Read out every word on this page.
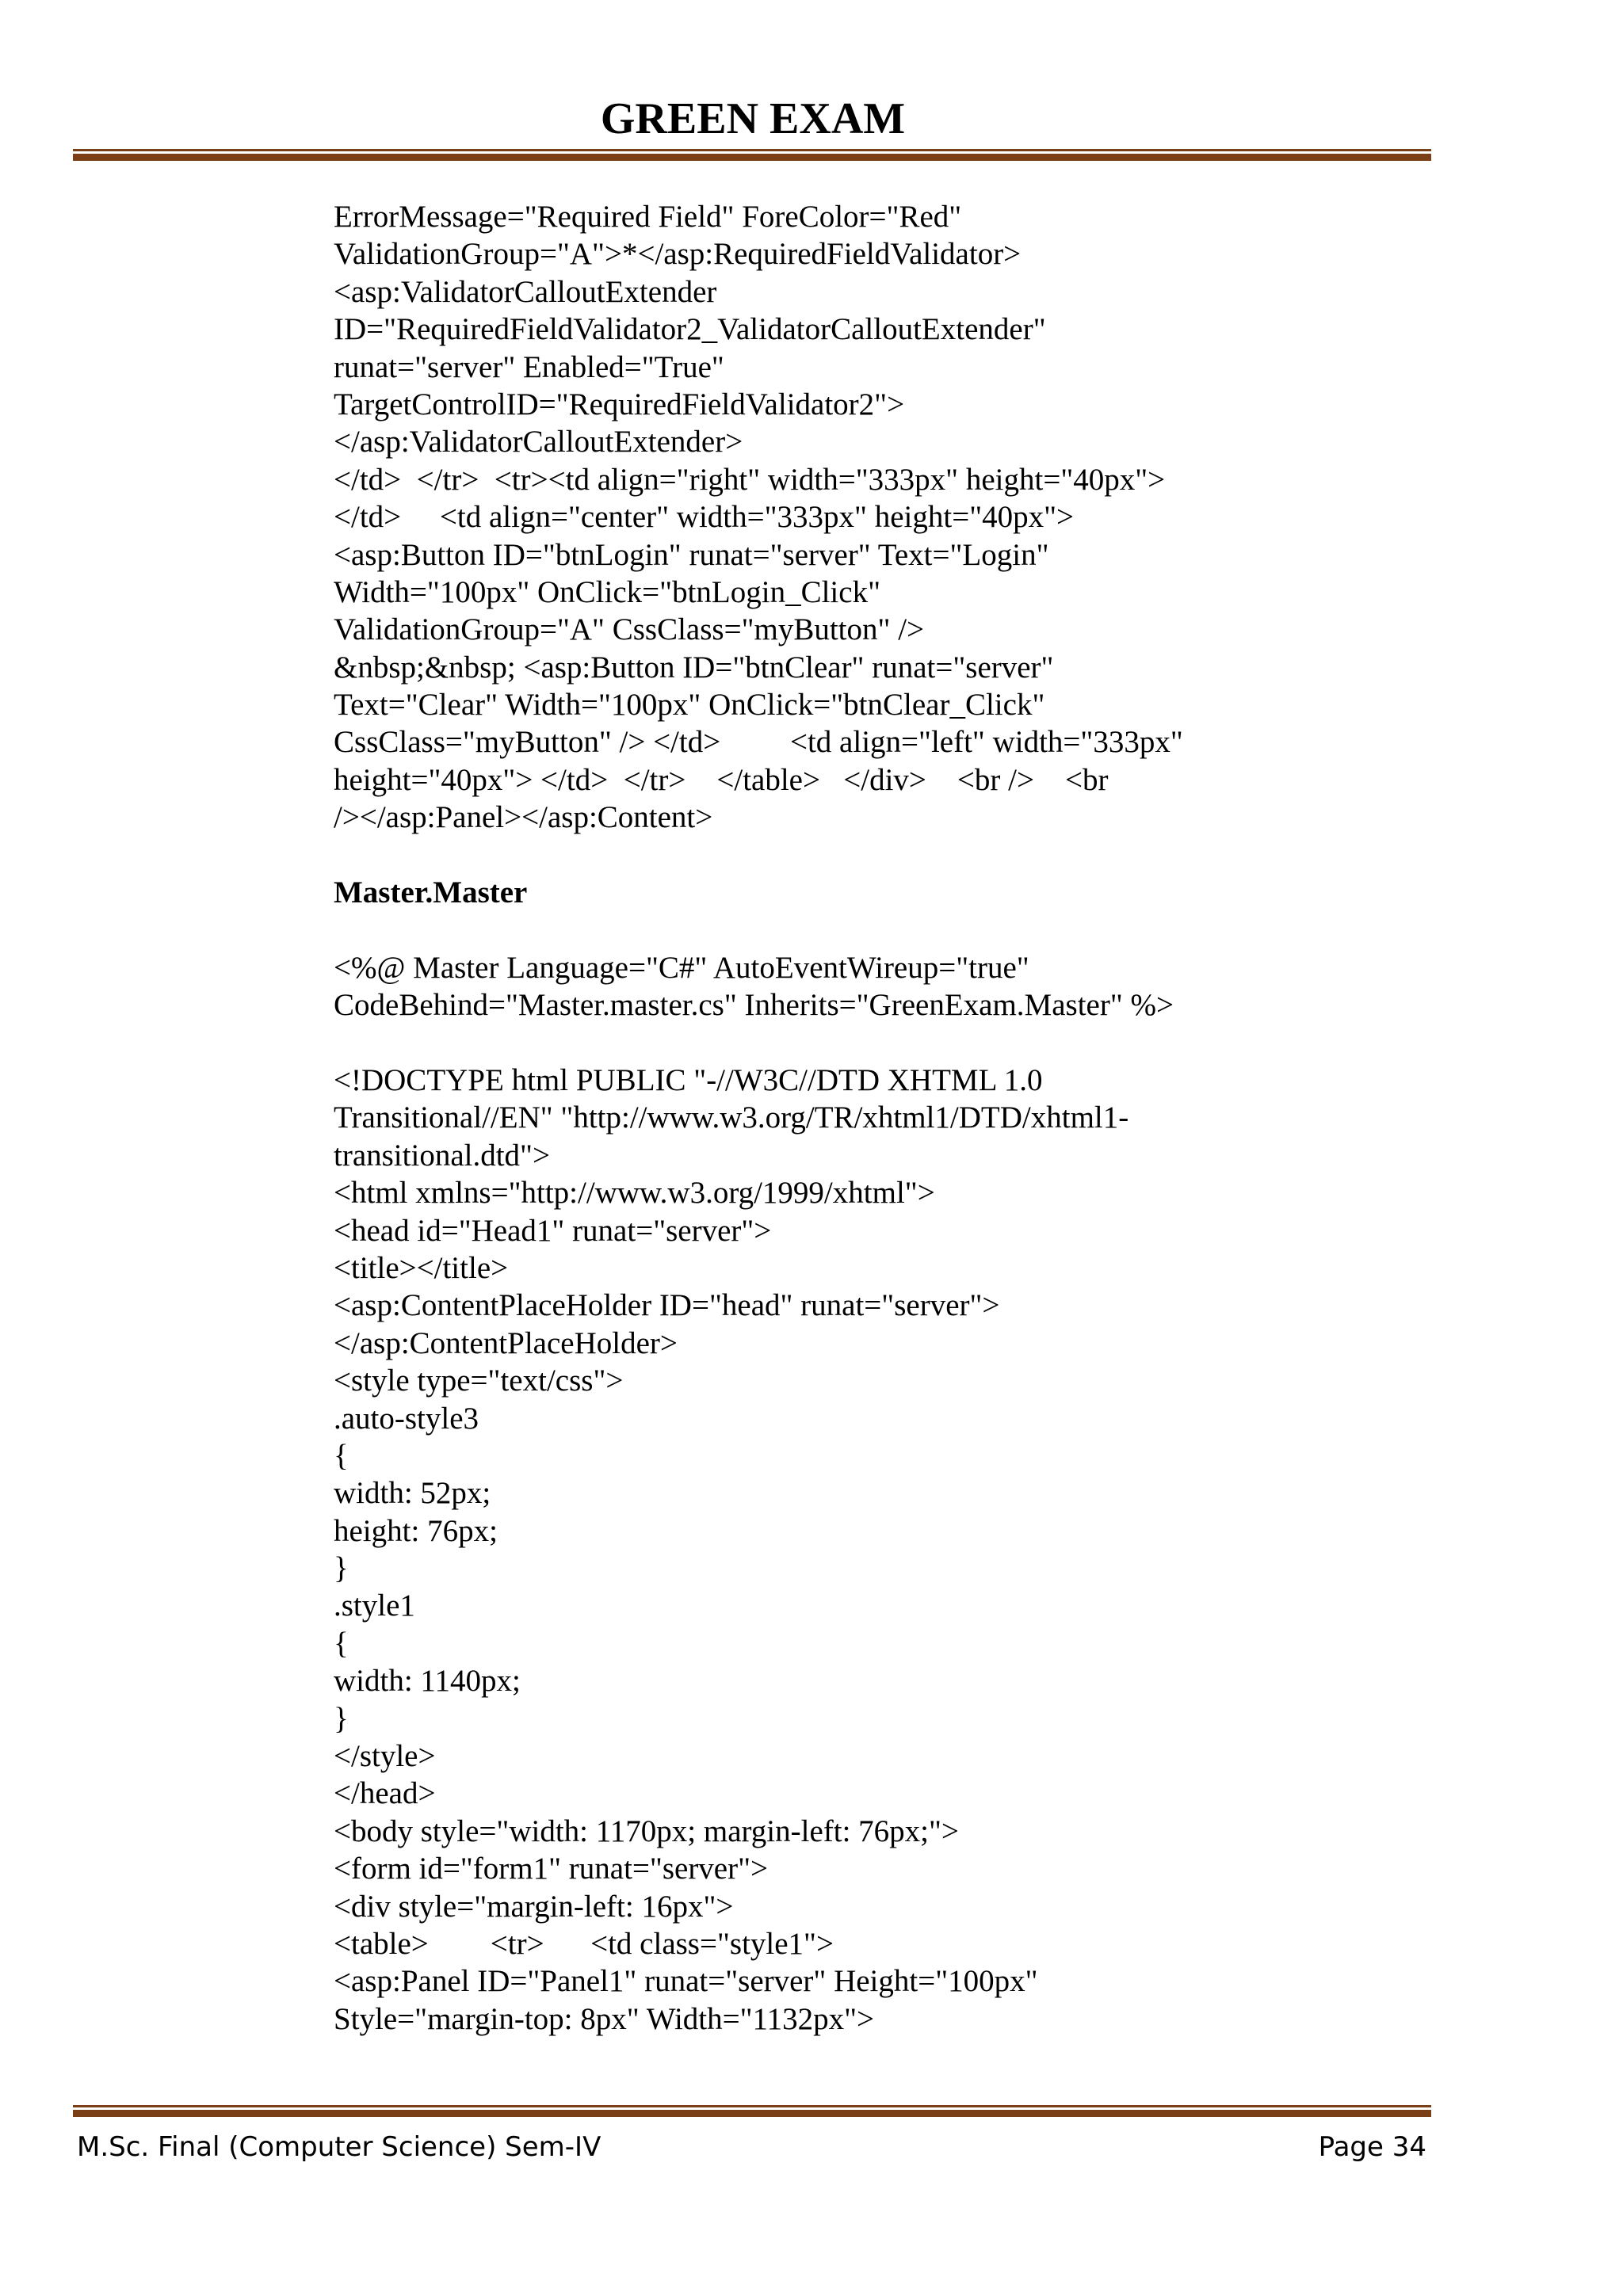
GREEN EXAM
ErrorMessage="Required Field" ForeColor="Red"
ValidationGroup="A">*</asp:RequiredFieldValidator>
<asp:ValidatorCalloutExtender
ID="RequiredFieldValidator2_ValidatorCalloutExtender"
runat="server" Enabled="True"
TargetControlID="RequiredFieldValidator2">
</asp:ValidatorCalloutExtender>
</td>  </tr>  <tr><td align="right" width="333px" height="40px">
</td>     <td align="center" width="333px" height="40px">
<asp:Button ID="btnLogin" runat="server" Text="Login"
Width="100px" OnClick="btnLogin_Click"
ValidationGroup="A" CssClass="myButton" />
&nbsp;&nbsp; <asp:Button ID="btnClear" runat="server"
Text="Clear" Width="100px" OnClick="btnClear_Click"
CssClass="myButton" /> </td>         <td align="left" width="333px"
height="40px"> </td>  </tr>    </table>   </div>    <br />    <br
/></asp:Panel></asp:Content>
Master.Master
<%@ Master Language="C#" AutoEventWireup="true"
CodeBehind="Master.master.cs" Inherits="GreenExam.Master" %>
<!DOCTYPE html PUBLIC "-//W3C//DTD XHTML 1.0
Transitional//EN" "http://www.w3.org/TR/xhtml1/DTD/xhtml1-
transitional.dtd">
<html xmlns="http://www.w3.org/1999/xhtml">
<head id="Head1" runat="server">
<title></title>
<asp:ContentPlaceHolder ID="head" runat="server">
</asp:ContentPlaceHolder>
<style type="text/css">
.auto-style3
{
width: 52px;
height: 76px;
}
.style1
{
width: 1140px;
}
</style>
</head>
<body style="width: 1170px; margin-left: 76px;">
<form id="form1" runat="server">
<div style="margin-left: 16px">
<table>        <tr>      <td class="style1">
<asp:Panel ID="Panel1" runat="server" Height="100px"
Style="margin-top: 8px" Width="1132px">
M.Sc. Final (Computer Science) Sem-IV	Page 34
